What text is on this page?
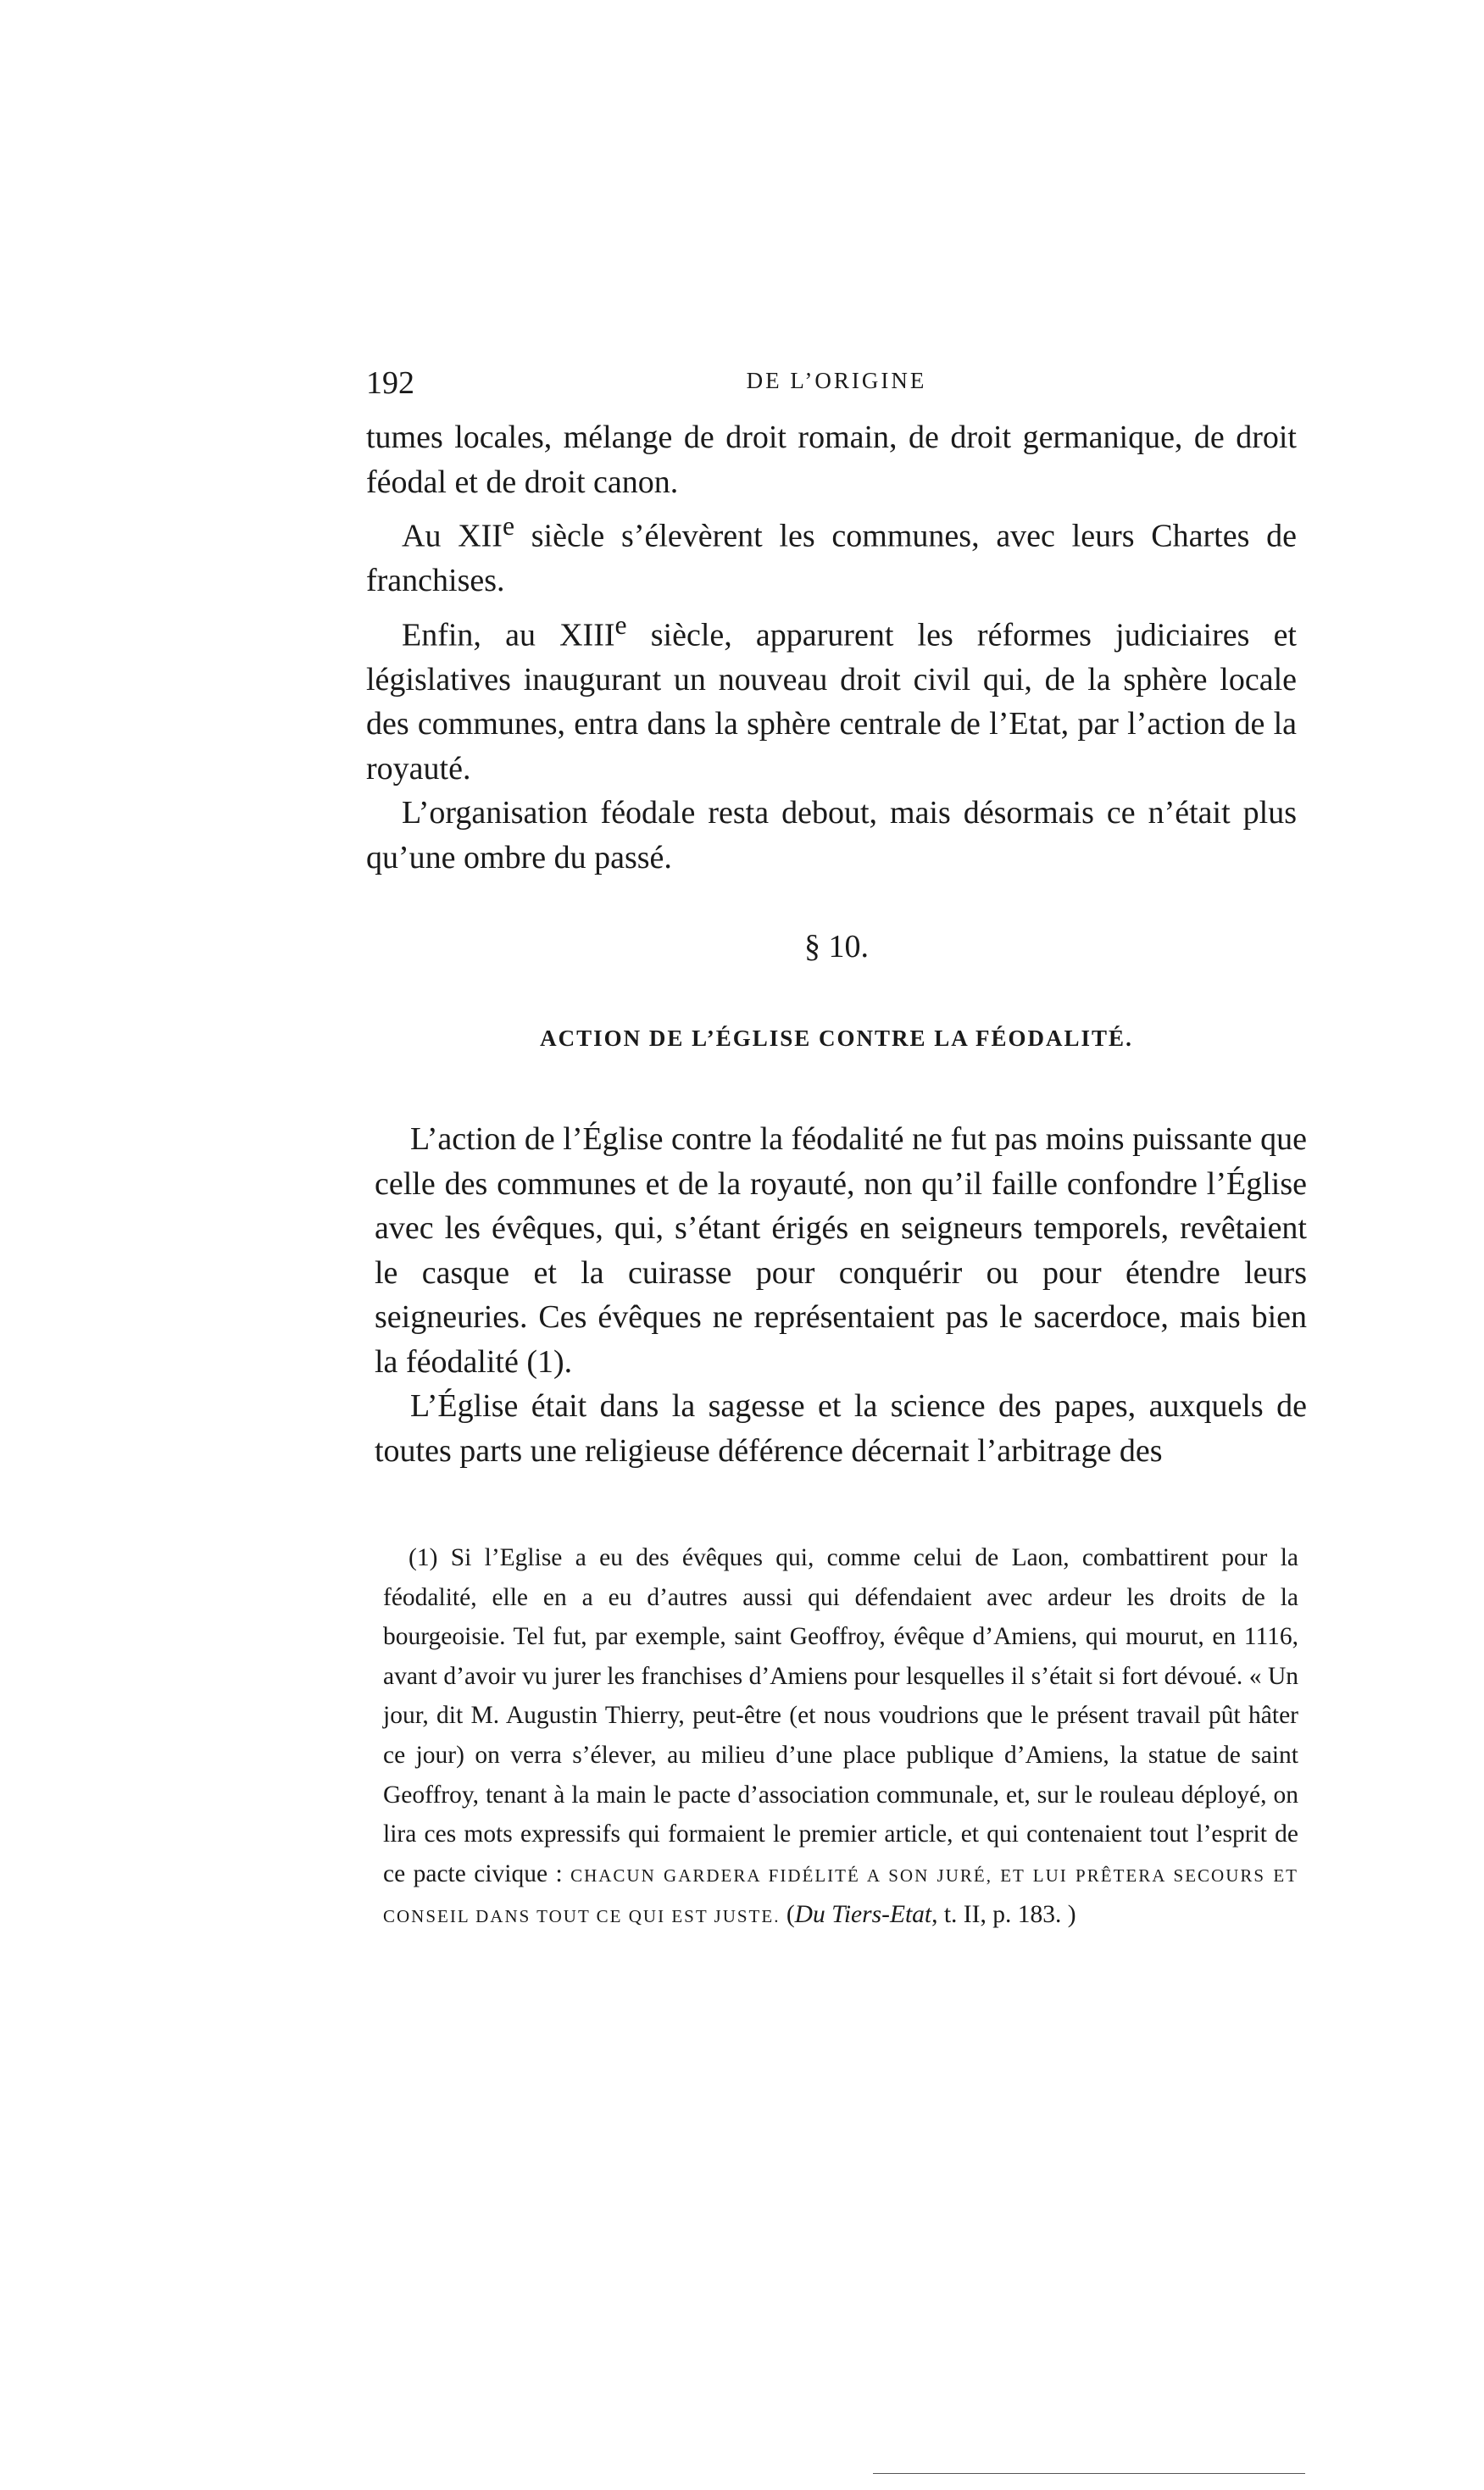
192	DE L’ORIGINE

tumes locales, mélange de droit romain, de droit germanique, de droit féodal et de droit canon.

Au XIIe siècle s’élevèrent les communes, avec leurs Chartes de franchises.

Enfin, au XIIIe siècle, apparurent les réformes judiciaires et législatives inaugurant un nouveau droit civil qui, de la sphère locale des communes, entra dans la sphère centrale de l’Etat, par l’action de la royauté.

L’organisation féodale resta debout, mais désormais ce n’était plus qu’une ombre du passé.

§ 10.
ACTION DE L’ÉGLISE CONTRE LA FÉODALITÉ.

L’action de l’Église contre la féodalité ne fut pas moins puissante que celle des communes et de la royauté, non qu’il faille confondre l’Église avec les évêques, qui, s’étant érigés en seigneurs temporels, revêtaient le casque et la cuirasse pour conquérir ou pour étendre leurs seigneuries. Ces évêques ne représentaient pas le sacerdoce, mais bien la féodalité (1).

L’Église était dans la sagesse et la science des papes, auxquels de toutes parts une religieuse déférence décernait l’arbitrage des

(1) Si l’Eglise a eu des évêques qui, comme celui de Laon, combattirent pour la féodalité, elle en a eu d’autres aussi qui défendaient avec ardeur les droits de la bourgeoisie. Tel fut, par exemple, saint Geoffroy, évêque d’Amiens, qui mourut, en 1116, avant d’avoir vu jurer les franchises d’Amiens pour lesquelles il s’était si fort dévoué. « Un jour, dit M. Augustin Thierry, peut-être (et nous voudrions que le présent travail pût hâter ce jour) on verra s’élever, au milieu d’une place publique d’Amiens, la statue de saint Geoffroy, tenant à la main le pacte d’association communale, et, sur le rouleau déployé, on lira ces mots expressifs qui formaient le premier article, et qui contenaient tout l’esprit de ce pacte civique : CHACUN GARDERA FIDÉLITÉ A SON JURÉ, ET LUI PRÊTERA SECOURS ET CONSEIL DANS TOUT CE QUI EST JUSTE. (Du Tiers-Etat, t. II, p. 183. )
